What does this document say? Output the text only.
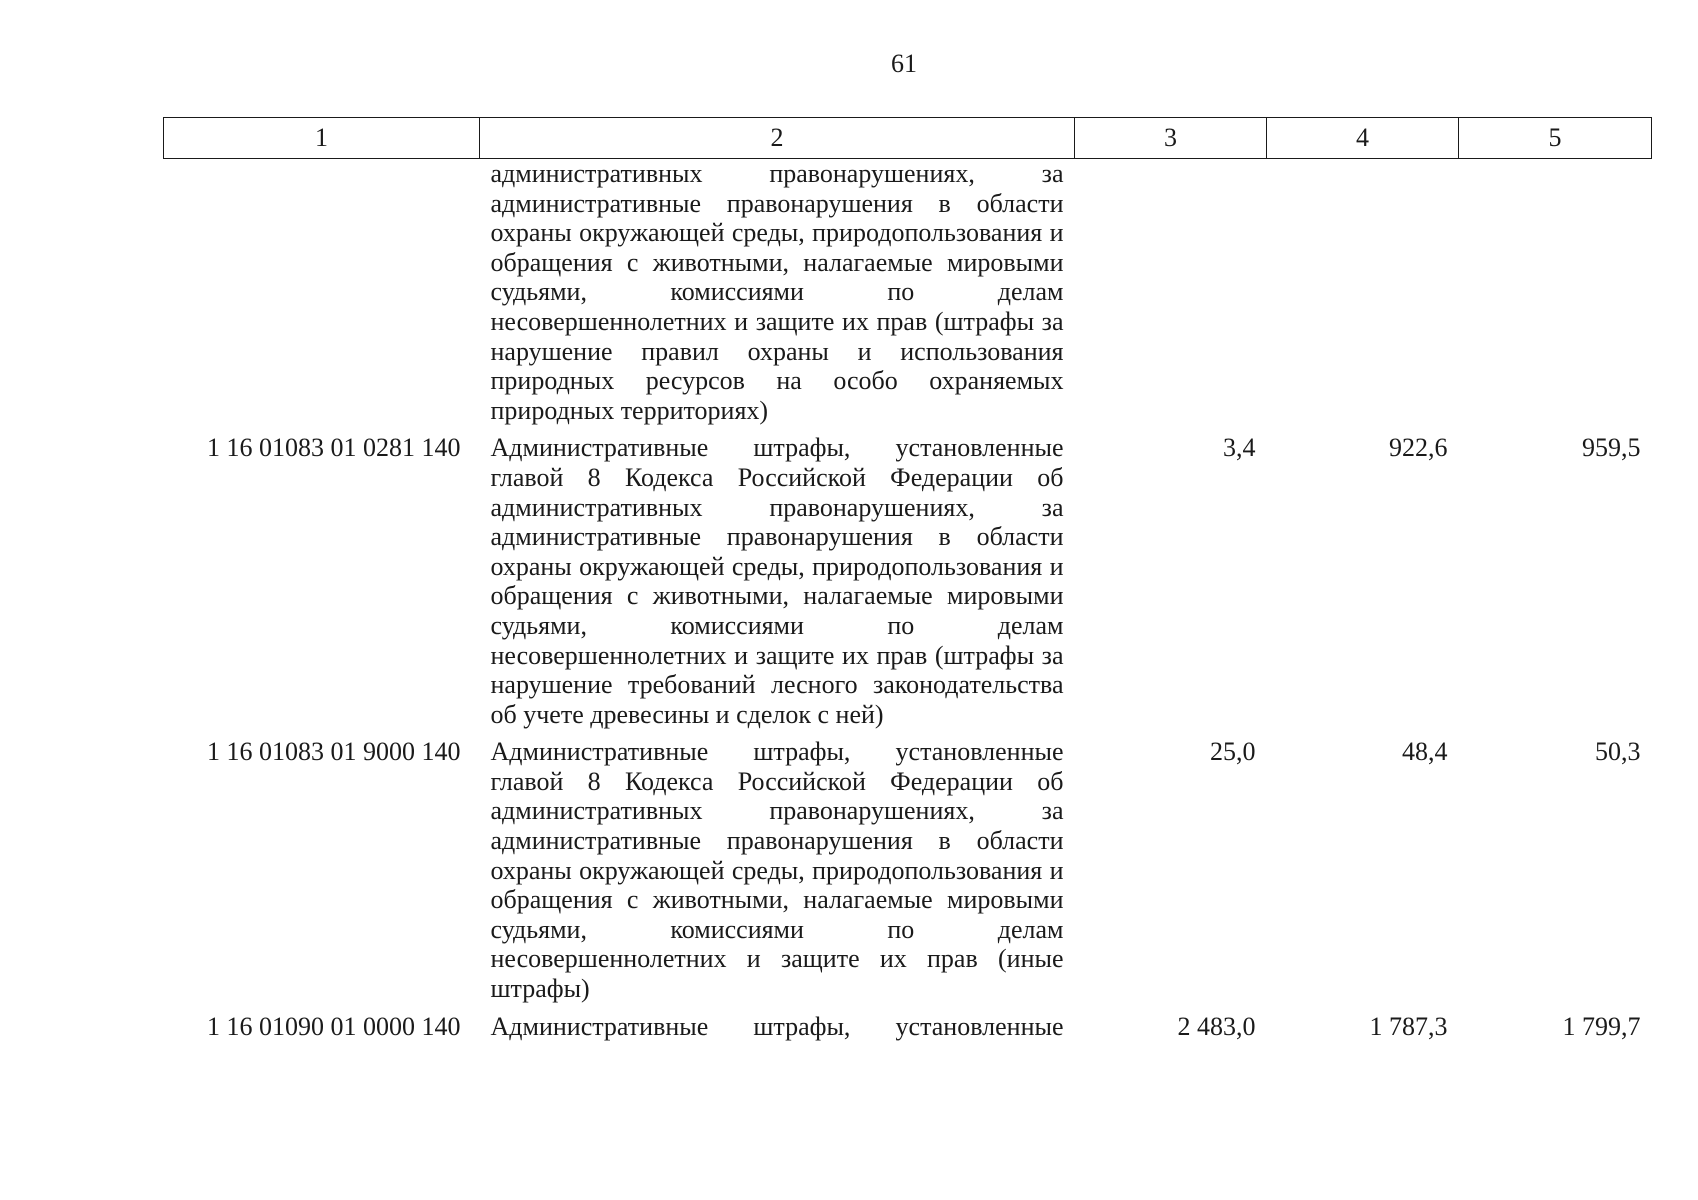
61
1	2	3	4	5
	административных правонарушениях, за административные правонарушения в области охраны окружающей среды, природопользования и обращения с животными, налагаемые мировыми судьями, комиссиями по делам несовершеннолетних и защите их прав (штрафы за нарушение правил охраны и использования природных ресурсов на особо охраняемых природных территориях)			
1 16 01083 01 0281 140	Административные штрафы, установленные главой 8 Кодекса Российской Федерации об административных правонарушениях, за административные правонарушения в области охраны окружающей среды, природопользования и обращения с животными, налагаемые мировыми судьями, комиссиями по делам несовершеннолетних и защите их прав (штрафы за нарушение требований лесного законодательства об учете древесины и сделок с ней)	3,4	922,6	959,5
1 16 01083 01 9000 140	Административные штрафы, установленные главой 8 Кодекса Российской Федерации об административных правонарушениях, за административные правонарушения в области охраны окружающей среды, природопользования и обращения с животными, налагаемые мировыми судьями, комиссиями по делам несовершеннолетних и защите их прав (иные штрафы)	25,0	48,4	50,3
1 16 01090 01 0000 140	Административные штрафы, установленные	2 483,0	1 787,3	1 799,7
